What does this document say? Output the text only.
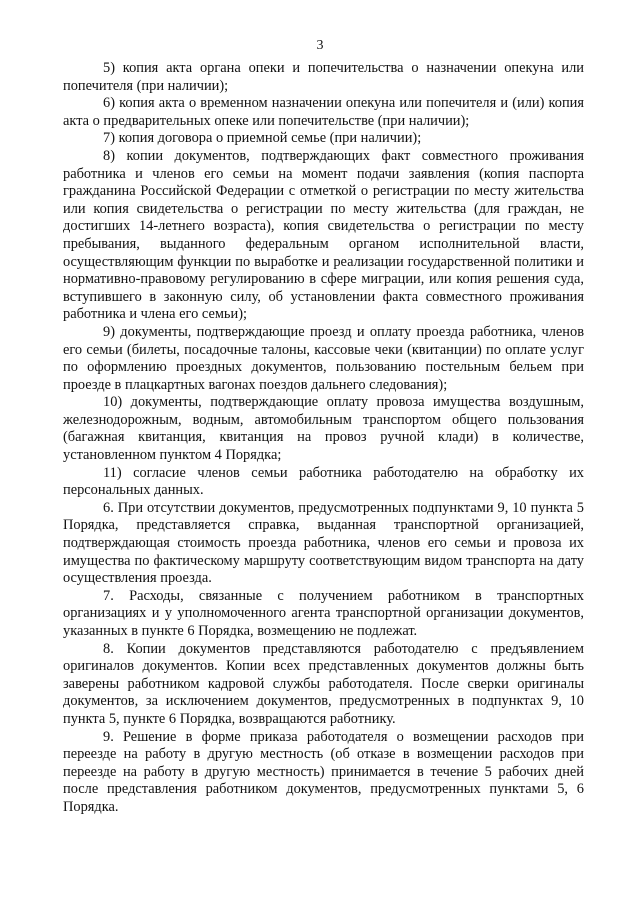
3

5) копия акта органа опеки и попечительства о назначении опекуна или попечителя (при наличии);

6) копия акта о временном назначении опекуна или попечителя и (или) копия акта о предварительных опеке или попечительстве (при наличии);

7) копия договора о приемной семье (при наличии);

8) копии документов, подтверждающих факт совместного проживания работника и членов его семьи на момент подачи заявления (копия паспорта гражданина Российской Федерации с отметкой о регистрации по месту жительства или копия свидетельства о регистрации по месту жительства (для граждан, не достигших 14-летнего возраста), копия свидетельства о регистрации по месту пребывания, выданного федеральным органом исполнительной власти, осуществляющим функции по выработке и реализации государственной политики и нормативно-правовому регулированию в сфере миграции, или копия решения суда, вступившего в законную силу, об установлении факта совместного проживания работника и члена его семьи);

9) документы, подтверждающие проезд и оплату проезда работника, членов его семьи (билеты, посадочные талоны, кассовые чеки (квитанции) по оплате услуг по оформлению проездных документов, пользованию постельным бельем при проезде в плацкартных вагонах поездов дальнего следования);

10) документы, подтверждающие оплату провоза имущества воздушным, железнодорожным, водным, автомобильным транспортом общего пользования (багажная квитанция, квитанция на провоз ручной клади) в количестве, установленном пунктом 4 Порядка;

11) согласие членов семьи работника работодателю на обработку их персональных данных.

6. При отсутствии документов, предусмотренных подпунктами 9, 10 пункта 5 Порядка, представляется справка, выданная транспортной организацией, подтверждающая стоимость проезда работника, членов его семьи и провоза их имущества по фактическому маршруту соответствующим видом транспорта на дату осуществления проезда.

7. Расходы, связанные с получением работником в транспортных организациях и у уполномоченного агента транспортной организации документов, указанных в пункте 6 Порядка, возмещению не подлежат.

8. Копии документов представляются работодателю с предъявлением оригиналов документов. Копии всех представленных документов должны быть заверены работником кадровой службы работодателя. После сверки оригиналы документов, за исключением документов, предусмотренных в подпунктах 9, 10 пункта 5, пункте 6 Порядка, возвращаются работнику.

9. Решение в форме приказа работодателя о возмещении расходов при переезде на работу в другую местность (об отказе в возмещении расходов при переезде на работу в другую местность) принимается в течение 5 рабочих дней после представления работником документов, предусмотренных пунктами 5, 6 Порядка.
